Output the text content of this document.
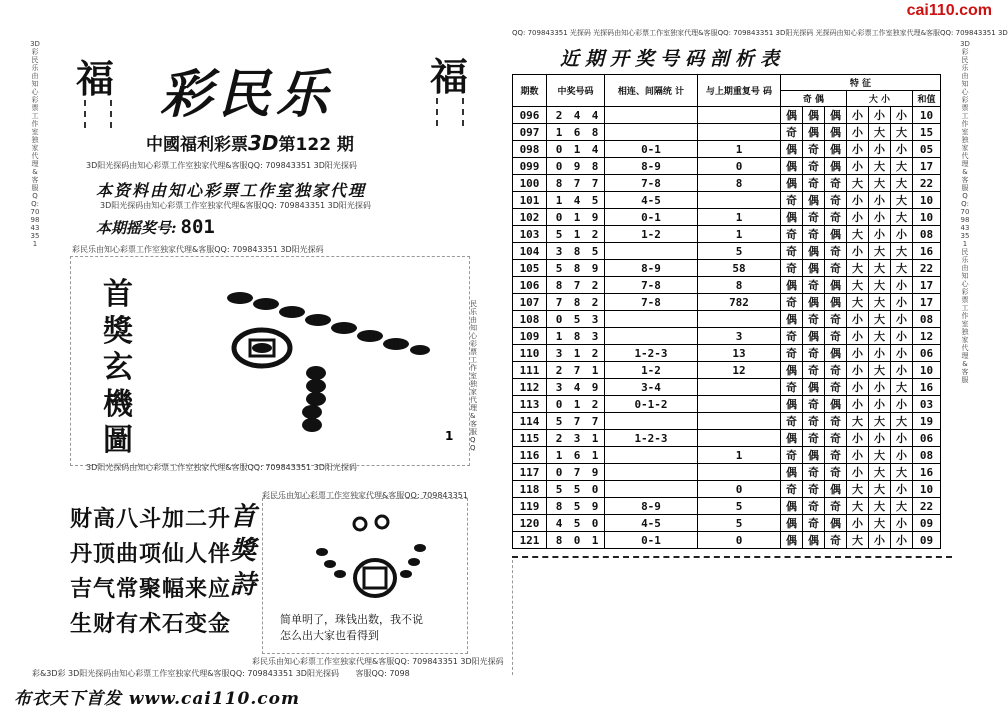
cai110.com
3D彩民乐由知心彩票工作室独家代理&客服QQ:709843351
福	福
彩民乐
中國福利彩票3D第122 期
3D阳光探码由知心彩票工作室独家代理&客服QQ: 709843351 3D阳光探码
本资料由知心彩票工作室独家代理
3D阳光探码由知心彩票工作室独家代理&客服QQ: 709843351 3D阳光探码
本期摇奖号: 801
彩民乐由知心彩票工作室独家代理&客服QQ: 709843351 3D阳光探码
首
獎
玄
機
圖	1
3D阳光探码由知心彩票工作室独家代理&客服QQ: 709843351 3D阳光探码
财高八斗加二升
丹顶曲项仙人伴
吉气常聚幅来应
生财有术石变金
首
獎
詩
彩民乐由知心彩票工作室独家代理&客服QQ: 709843351
简单明了，珠钱出数，我不说
怎么出大家也看得到
彩民乐由知心彩票工作室独家代理&客服QQ: 709843351 3D阳光探码
彩&3D彩 3D阳光探码由知心彩票工作室独家代理&客服QQ: 709843351 3D阳光探码 客服QQ: 7098
布衣天下首发 www.cai110.com
民乐由知心彩票工作室独家代理&客服QQ
QQ: 709843351 光探码 光探码由知心彩票工作室独家代理&客服QQ: 709843351 3D阳光探码 光探码由知心彩票工作室独家代理&客服QQ: 709843351 3D
近期开奖号码剖析表
期数	中奖号码	相连、间隔统 计	与上期重复号 码	特 征						
				奇 偶			大 小			和值
096	2 4 4			偶	偶	偶	小	小	小	10
097	1 6 8			奇	偶	偶	小	大	大	15
098	0 1 4	0-1	1	偶	奇	偶	小	小	小	05
099	0 9 8	8-9	0	偶	奇	偶	小	大	大	17
100	8 7 7	7-8	8	偶	奇	奇	大	大	大	22
101	1 4 5	4-5		奇	偶	奇	小	小	大	10
102	0 1 9	0-1	1	偶	奇	奇	小	小	大	10
103	5 1 2	1-2	1	奇	奇	偶	大	小	小	08
104	3 8 5		5	奇	偶	奇	小	大	大	16
105	5 8 9	8-9	58	奇	偶	奇	大	大	大	22
106	8 7 2	7-8	8	偶	奇	偶	大	大	小	17
107	7 8 2	7-8	782	奇	偶	偶	大	大	小	17
108	0 5 3			偶	奇	奇	小	大	小	08
109	1 8 3		3	奇	偶	奇	小	大	小	12
110	3 1 2	1-2-3	13	奇	奇	偶	小	小	小	06
111	2 7 1	1-2	12	偶	奇	奇	小	大	小	10
112	3 4 9	3-4		奇	偶	奇	小	小	大	16
113	0 1 2	0-1-2		偶	奇	偶	小	小	小	03
114	5 7 7			奇	奇	奇	大	大	大	19
115	2 3 1	1-2-3		偶	奇	奇	小	小	小	06
116	1 6 1		1	奇	偶	奇	小	大	小	08
117	0 7 9			偶	奇	奇	小	大	大	16
118	5 5 0		0	奇	奇	偶	大	大	小	10
119	8 5 9	8-9	5	偶	奇	奇	大	大	大	22
120	4 5 0	4-5	5	偶	奇	偶	小	大	小	09
121	8 0 1	0-1	0	偶	偶	奇	大	小	小	09
3D彩民乐由知心彩票工作室独家代理&客服QQ:709843351 民乐由知心彩票工作室独家代理&客服
